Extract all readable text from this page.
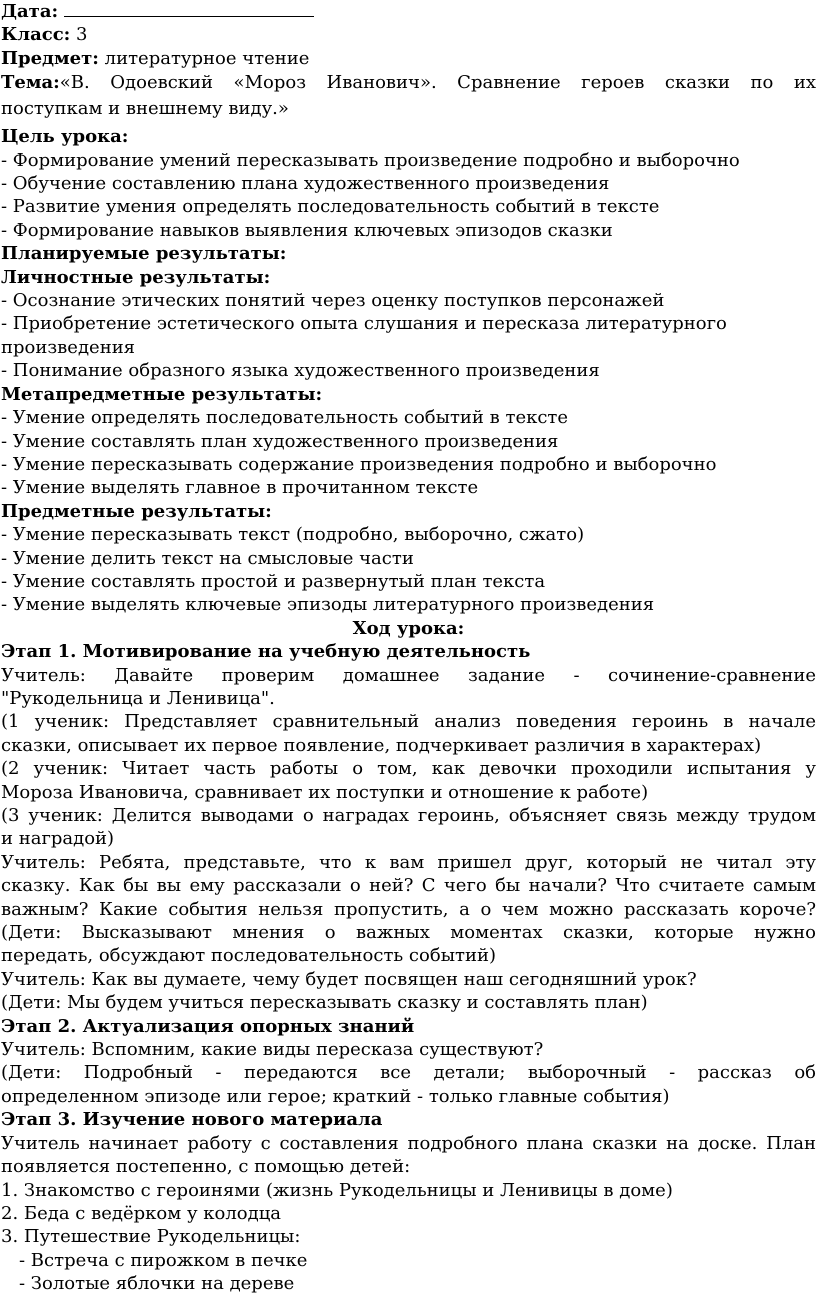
Дата:
Класс: 3
Предмет: литературное чтение
Тема:«В. Одоевский «Мороз Иванович». Сравнение героев сказки по их
поступкам и внешнему виду.»
Цель урока:
- Формирование умений пересказывать произведение подробно и выборочно
- Обучение составлению плана художественного произведения
- Развитие умения определять последовательность событий в тексте
- Формирование навыков выявления ключевых эпизодов сказки
Планируемые результаты:
Личностные результаты:
- Осознание этических понятий через оценку поступков персонажей
- Приобретение эстетического опыта слушания и пересказа литературного
произведения
- Понимание образного языка художественного произведения
Метапредметные результаты:
- Умение определять последовательность событий в тексте
- Умение составлять план художественного произведения
- Умение пересказывать содержание произведения подробно и выборочно
- Умение выделять главное в прочитанном тексте
Предметные результаты:
- Умение пересказывать текст (подробно, выборочно, сжато)
- Умение делить текст на смысловые части
- Умение составлять простой и развернутый план текста
- Умение выделять ключевые эпизоды литературного произведения
Ход урока:
Этап 1. Мотивирование на учебную деятельность
Учитель: Давайте проверим домашнее задание - сочинение-сравнение
"Рукодельница и Ленивица".
(1 ученик: Представляет сравнительный анализ поведения героинь в начале
сказки, описывает их первое появление, подчеркивает различия в характерах)
(2 ученик: Читает часть работы о том, как девочки проходили испытания у
Мороза Ивановича, сравнивает их поступки и отношение к работе)
(3 ученик: Делится выводами о наградах героинь, объясняет связь между трудом
и наградой)
Учитель: Ребята, представьте, что к вам пришел друг, который не читал эту
сказку. Как бы вы ему рассказали о ней? С чего бы начали? Что считаете самым
важным? Какие события нельзя пропустить, а о чем можно рассказать короче?
(Дети: Высказывают мнения о важных моментах сказки, которые нужно
передать, обсуждают последовательность событий)
Учитель: Как вы думаете, чему будет посвящен наш сегодняшний урок?
(Дети: Мы будем учиться пересказывать сказку и составлять план)
Этап 2. Актуализация опорных знаний
Учитель: Вспомним, какие виды пересказа существуют?
(Дети: Подробный - передаются все детали; выборочный - рассказ об
определенном эпизоде или герое; краткий - только главные события)
Этап 3. Изучение нового материала
Учитель начинает работу с составления подробного плана сказки на доске. План
появляется постепенно, с помощью детей:
1. Знакомство с героинями (жизнь Рукодельницы и Ленивицы в доме)
2. Беда с ведёрком у колодца
3. Путешествие Рукодельницы:
- Встреча с пирожком в печке
- Золотые яблочки на дереве
